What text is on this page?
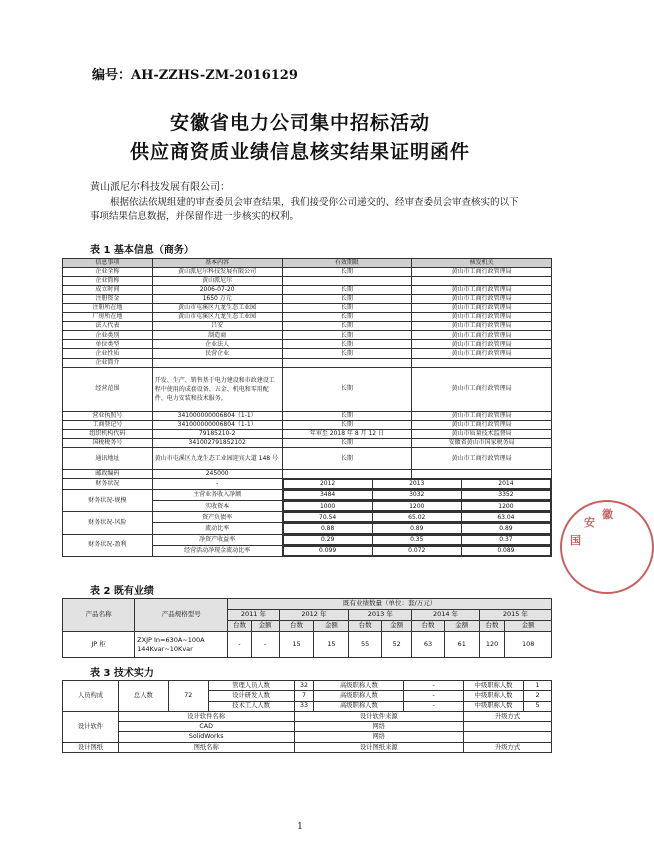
编号：AH-ZZHS-ZM-2016129
安徽省电力公司集中招标活动
供应商资质业绩信息核实结果证明函件
黄山派尼尔科技发展有限公司：
根据依法依规组建的审查委员会审查结果，我们接受你公司递交的、经审查委员会审查核实的以下事项结果信息数据，并保留作进一步核实的权利。
表 1 基本信息（商务）
信息事项	基本内容	有效期限	核发机关
企业全称	黄山派尼尔科技发展有限公司	长期	黄山市工商行政管理局
企业简称	黄山派尼尔		
成立时间	2006-07-20	长期	黄山市工商行政管理局
注册资金	1650 万元	长期	黄山市工商行政管理局
注册所在地	黄山市屯溪区九龙生态工业园	长期	黄山市工商行政管理局
厂房所在地	黄山市屯溪区九龙生态工业园	长期	黄山市工商行政管理局
法人代表	吕安	长期	黄山市工商行政管理局
企业类别	制造商	长期	黄山市工商行政管理局
单位类型	企业法人	长期	黄山市工商行政管理局
企业性质	民营企业	长期	黄山市工商行政管理局
企业简介			
经营范围	开发、生产、销售基于电力建设和市政建设工程中使用的成套设备、五金、机电和零用配件、电力安装和技术服务。	长期	黄山市工商行政管理局
营业执照号	341000000006804（1-1）	长期	黄山市工商行政管理局
工商登记号	341000000006804（1-1）	长期	黄山市工商行政管理局
组织机构代码	79185210-2	年审至 2018 年 8 月 12 日	黄山市质量技术监督局
国税税务号	341002791852102	长期	安徽省黄山市国家税务局
通讯地址	黄山市屯溪区九龙生态工业园迎宾大道 148 号	长期	黄山市工商行政管理局
邮政编码	245000		
财务状况	-		2012	2013	2014

财务状况-规模	主营业务收入净额		3484	3032	3352

实收资本		1000	1200	1200

财务状况-风险	资产负债率		70.54	65.02	63.04

流动比率		0.88	0.89	0.89

财务状况-盈利	净资产收益率		0.29	0.35	0.37

经营活动净现金流动比率		0.099	0.072	0.089
表 2 既有业绩
产品名称	产品规格型号	既有业绩数量（单位：套/万元）									
		2011 年		2012 年		2013 年		2014 年		2015 年	
		台数	金额	台数	金额	台数	金额	台数	金额	台数	金额
JP 柜	ZXJP In=630A~100A 144Kvar~10Kvar	-	-	15	15	55	52	63	61	120	108
表 3 技术实力
人员构成	总人数	72	管理人员人数	32	高级职称人数	-	中级职称人数	1
			设计研发人数	7	高级职称人数	-	中级职称人数	2
			技术工人人数	33	高级职称人数	-	中级职称人数	5
设计软件	设计软件名称			设计软件来源			升级方式	
	CAD			网络				
	SolidWorks			网络				
设计图纸	图纸名称			设计图纸来源			升级方式	
国
安
徽
1
